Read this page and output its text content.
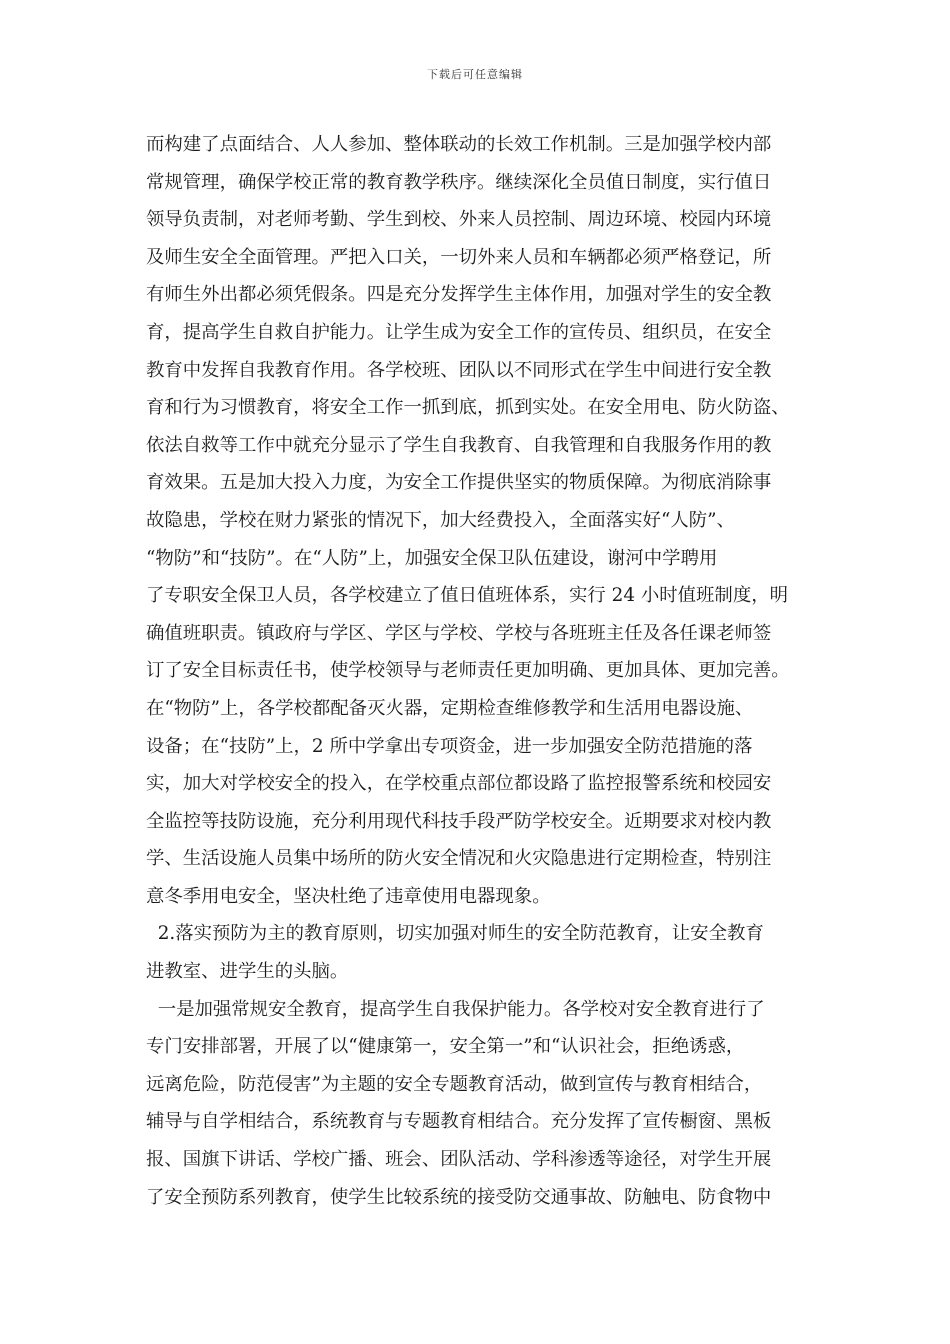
下载后可任意编辑
而构建了点面结合、人人参加、整体联动的长效工作机制。三是加强学校内部
常规管理，确保学校正常的教育教学秩序。继续深化全员值日制度，实行值日
领导负责制，对老师考勤、学生到校、外来人员控制、周边环境、校园内环境
及师生安全全面管理。严把入口关，一切外来人员和车辆都必须严格登记，所
有师生外出都必须凭假条。四是充分发挥学生主体作用，加强对学生的安全教
育，提高学生自救自护能力。让学生成为安全工作的宣传员、组织员，在安全
教育中发挥自我教育作用。各学校班、团队以不同形式在学生中间进行安全教
育和行为习惯教育，将安全工作一抓到底，抓到实处。在安全用电、防火防盗、
依法自救等工作中就充分显示了学生自我教育、自我管理和自我服务作用的教
育效果。五是加大投入力度，为安全工作提供坚实的物质保障。为彻底消除事
故隐患，学校在财力紧张的情况下，加大经费投入，全面落实好“人防”、
“物防”和“技防”。在“人防”上，加强安全保卫队伍建设，谢河中学聘用
了专职安全保卫人员，各学校建立了值日值班体系，实行 24 小时值班制度，明
确值班职责。镇政府与学区、学区与学校、学校与各班班主任及各任课老师签
订了安全目标责任书，使学校领导与老师责任更加明确、更加具体、更加完善。
在“物防”上，各学校都配备灭火器，定期检查维修教学和生活用电器设施、
设备；在“技防”上，2 所中学拿出专项资金，进一步加强安全防范措施的落
实，加大对学校安全的投入，在学校重点部位都设路了监控报警系统和校园安
全监控等技防设施，充分利用现代科技手段严防学校安全。近期要求对校内教
学、生活设施人员集中场所的防火安全情况和火灾隐患进行定期检查，特别注
意冬季用电安全，坚决杜绝了违章使用电器现象。
2.落实预防为主的教育原则，切实加强对师生的安全防范教育，让安全教育
进教室、进学生的头脑。
一是加强常规安全教育，提高学生自我保护能力。各学校对安全教育进行了
专门安排部署，开展了以“健康第一，安全第一”和“认识社会，拒绝诱惑，
远离危险，防范侵害”为主题的安全专题教育活动，做到宣传与教育相结合，
辅导与自学相结合，系统教育与专题教育相结合。充分发挥了宣传橱窗、黑板
报、国旗下讲话、学校广播、班会、团队活动、学科渗透等途径，对学生开展
了安全预防系列教育，使学生比较系统的接受防交通事故、防触电、防食物中
